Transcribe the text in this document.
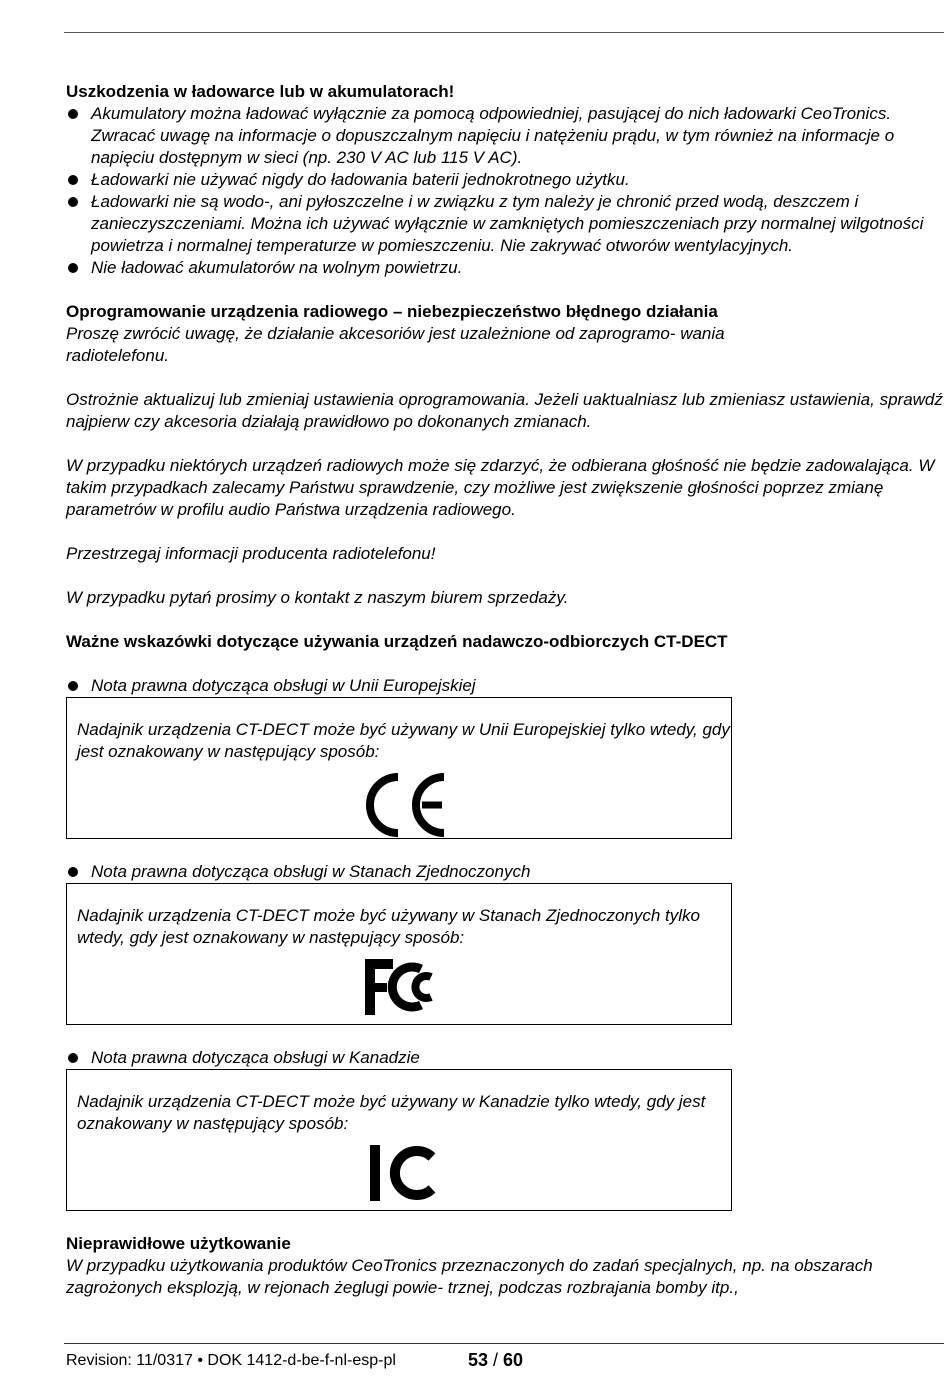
Uszkodzenia w ładowarce lub w akumulatorach!

Akumulatory można ładować wyłącznie za pomocą odpowiedniej, pasującej do nich ładowarki CeoTronics. Zwracać uwagę na informacje o dopuszczalnym napięciu i natężeniu prądu, w tym również na informacje o napięciu dostępnym w sieci (np. 230 V AC lub 115 V AC).
Ładowarki nie używać nigdy do ładowania baterii jednokrotnego użytku.
Ładowarki nie są wodo-, ani pyłoszczelne i w związku z tym należy je chronić przed wodą, deszczem i zanieczyszczeniami. Można ich używać wyłącznie w zamkniętych pomieszczeniach przy normalnej wilgotności powietrza i normalnej temperaturze w pomieszczeniu. Nie zakrywać otworów wentylacyjnych.
Nie ładować akumulatorów na wolnym powietrzu.

Oprogramowanie urządzenia radiowego – niebezpieczeństwo błędnego działania

Proszę zwrócić uwagę, że działanie akcesoriów jest uzależnione od zaprogramo- wania radiotelefonu.

Ostrożnie aktualizuj lub zmieniaj ustawienia oprogramowania. Jeżeli uaktualniasz lub zmieniasz ustawienia, sprawdź najpierw czy akcesoria działają prawidłowo po dokonanych zmianach.

W przypadku niektórych urządzeń radiowych może się zdarzyć, że odbierana głośność nie będzie zadowalająca. W takim przypadkach zalecamy Państwu sprawdzenie, czy możliwe jest zwiększenie głośności poprzez zmianę parametrów w profilu audio Państwa urządzenia radiowego.

Przestrzegaj informacji producenta radiotelefonu!

W przypadku pytań prosimy o kontakt z naszym biurem sprzedaży.

Ważne wskazówki dotyczące używania urządzeń nadawczo-odbiorczych CT-DECT

Nota prawna dotycząca obsługi w Unii Europejskiej

Nadajnik urządzenia CT-DECT może być używany w Unii Europejskiej tylko wtedy, gdy jest oznakowany w następujący sposób:

Nota prawna dotycząca obsługi w Stanach Zjednoczonych

Nadajnik urządzenia CT-DECT może być używany w Stanach Zjednoczonych tylko wtedy, gdy jest oznakowany w następujący sposób:

Nota prawna dotycząca obsługi w Kanadzie

Nadajnik urządzenia CT-DECT może być używany w Kanadzie tylko wtedy, gdy jest oznakowany w następujący sposób:

Nieprawidłowe użytkowanie

W przypadku użytkowania produktów CeoTronics przeznaczonych do zadań specjalnych, np. na obszarach zagrożonych eksplozją, w rejonach żeglugi powie- trznej, podczas rozbrajania bomby itp.,

Revision: 11/0317 • DOK 1412-d-be-f-nl-esp-pl	53 / 60
